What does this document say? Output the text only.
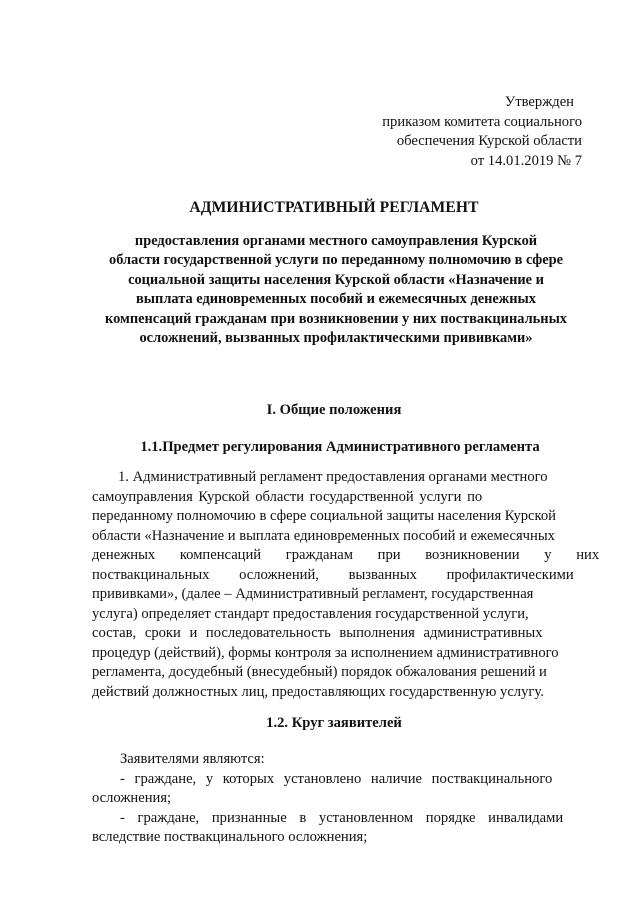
Утвержден
приказом комитета социального
обеспечения Курской области
от 14.01.2019 № 7
АДМИНИСТРАТИВНЫЙ РЕГЛАМЕНТ
предоставления органами местного самоуправления Курской
области государственной услуги по переданному полномочию в сфере
социальной защиты населения Курской области «Назначение и
выплата единовременных пособий и ежемесячных денежных
компенсаций гражданам при возникновении у них поствакцинальных
осложнений, вызванных профилактическими прививками»
I. Общие положения
1.1.Предмет регулирования Административного регламента
1. Административный регламент предоставления органами местного
самоуправления Курской области государственной услуги по
переданному полномочию в сфере социальной защиты населения Курской
области «Назначение и выплата единовременных пособий и ежемесячных
денежных компенсаций гражданам при возникновении у них
поствакцинальных осложнений, вызванных профилактическими
прививками», (далее – Административный регламент, государственная
услуга) определяет стандарт предоставления государственной услуги,
состав, сроки и последовательность выполнения административных
процедур (действий), формы контроля за исполнением административного
регламента, досудебный (внесудебный) порядок обжалования решений и
действий должностных лиц, предоставляющих государственную услугу.
1.2. Круг заявителей
Заявителями являются:
- граждане, у которых установлено наличие поствакцинального
осложнения;
- граждане, признанные в установленном порядке инвалидами
вследствие поствакцинального осложнения;
